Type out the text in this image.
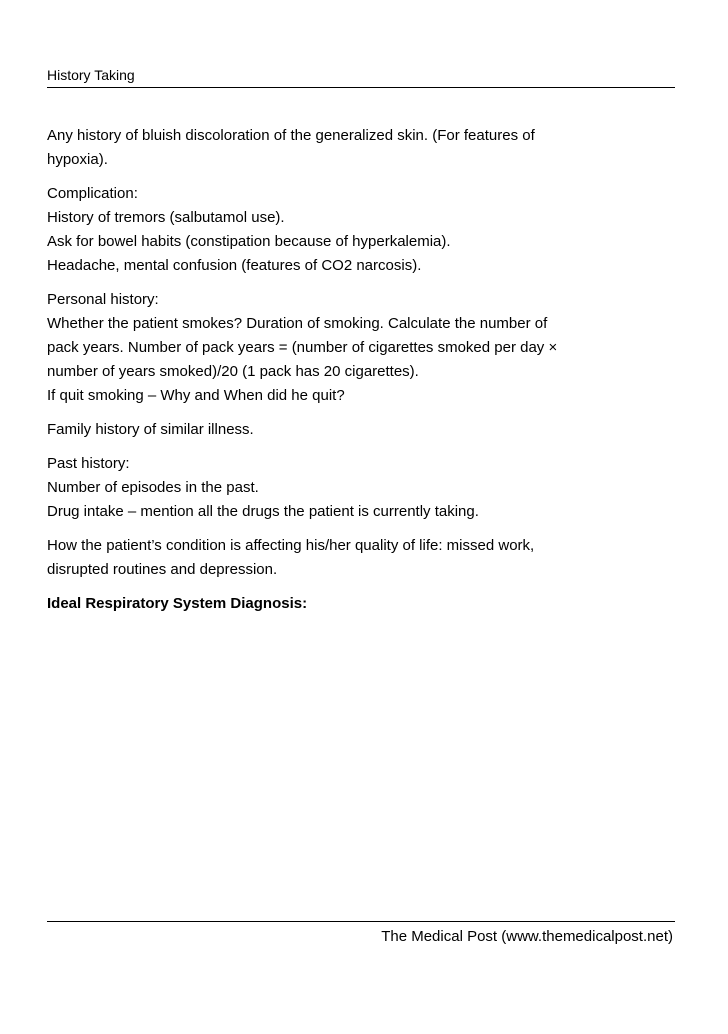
History Taking

Any history of bluish discoloration of the generalized skin. (For features of
hypoxia).

Complication:
History of tremors (salbutamol use).
Ask for bowel habits (constipation because of hyperkalemia).
Headache, mental confusion (features of CO2 narcosis).

Personal history:
Whether the patient smokes? Duration of smoking. Calculate the number of
pack years. Number of pack years = (number of cigarettes smoked per day ×
number of years smoked)/20 (1 pack has 20 cigarettes).
If quit smoking – Why and When did he quit?

Family history of similar illness.

Past history:
Number of episodes in the past.
Drug intake – mention all the drugs the patient is currently taking.

How the patient’s condition is affecting his/her quality of life: missed work,
disrupted routines and depression.

Ideal Respiratory System Diagnosis:

The Medical Post (www.themedicalpost.net)
